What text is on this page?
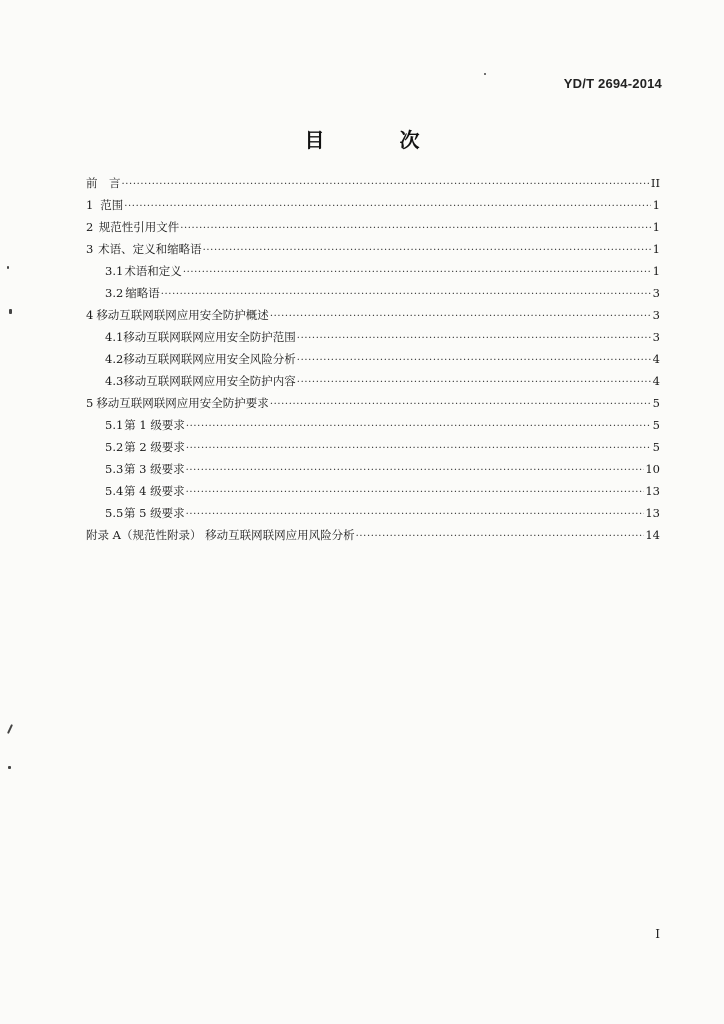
YD/T 2694-2014
目 次
前　言 ·····	II
1 范围 ·····	1
2 规范性引用文件 ·····	1
3 术语、定义和缩略语 ·····	1
3.1 术语和定义 ·····	1
3.2 缩略语 ·····	3
4 移动互联网联网应用安全防护概述 ·····	3
4.1 移动互联网联网应用安全防护范围 ·····	3
4.2 移动互联网联网应用安全风险分析 ·····	4
4.3 移动互联网联网应用安全防护内容 ·····	4
5 移动互联网联网应用安全防护要求 ·····	5
5.1 第 1 级要求 ·····	5
5.2 第 2 级要求 ·····	5
5.3 第 3 级要求 ·····	10
5.4 第 4 级要求 ·····	13
5.5 第 5 级要求 ·····	13
附录 A（规范性附录） 移动互联网联网应用风险分析 ·····	14
I
